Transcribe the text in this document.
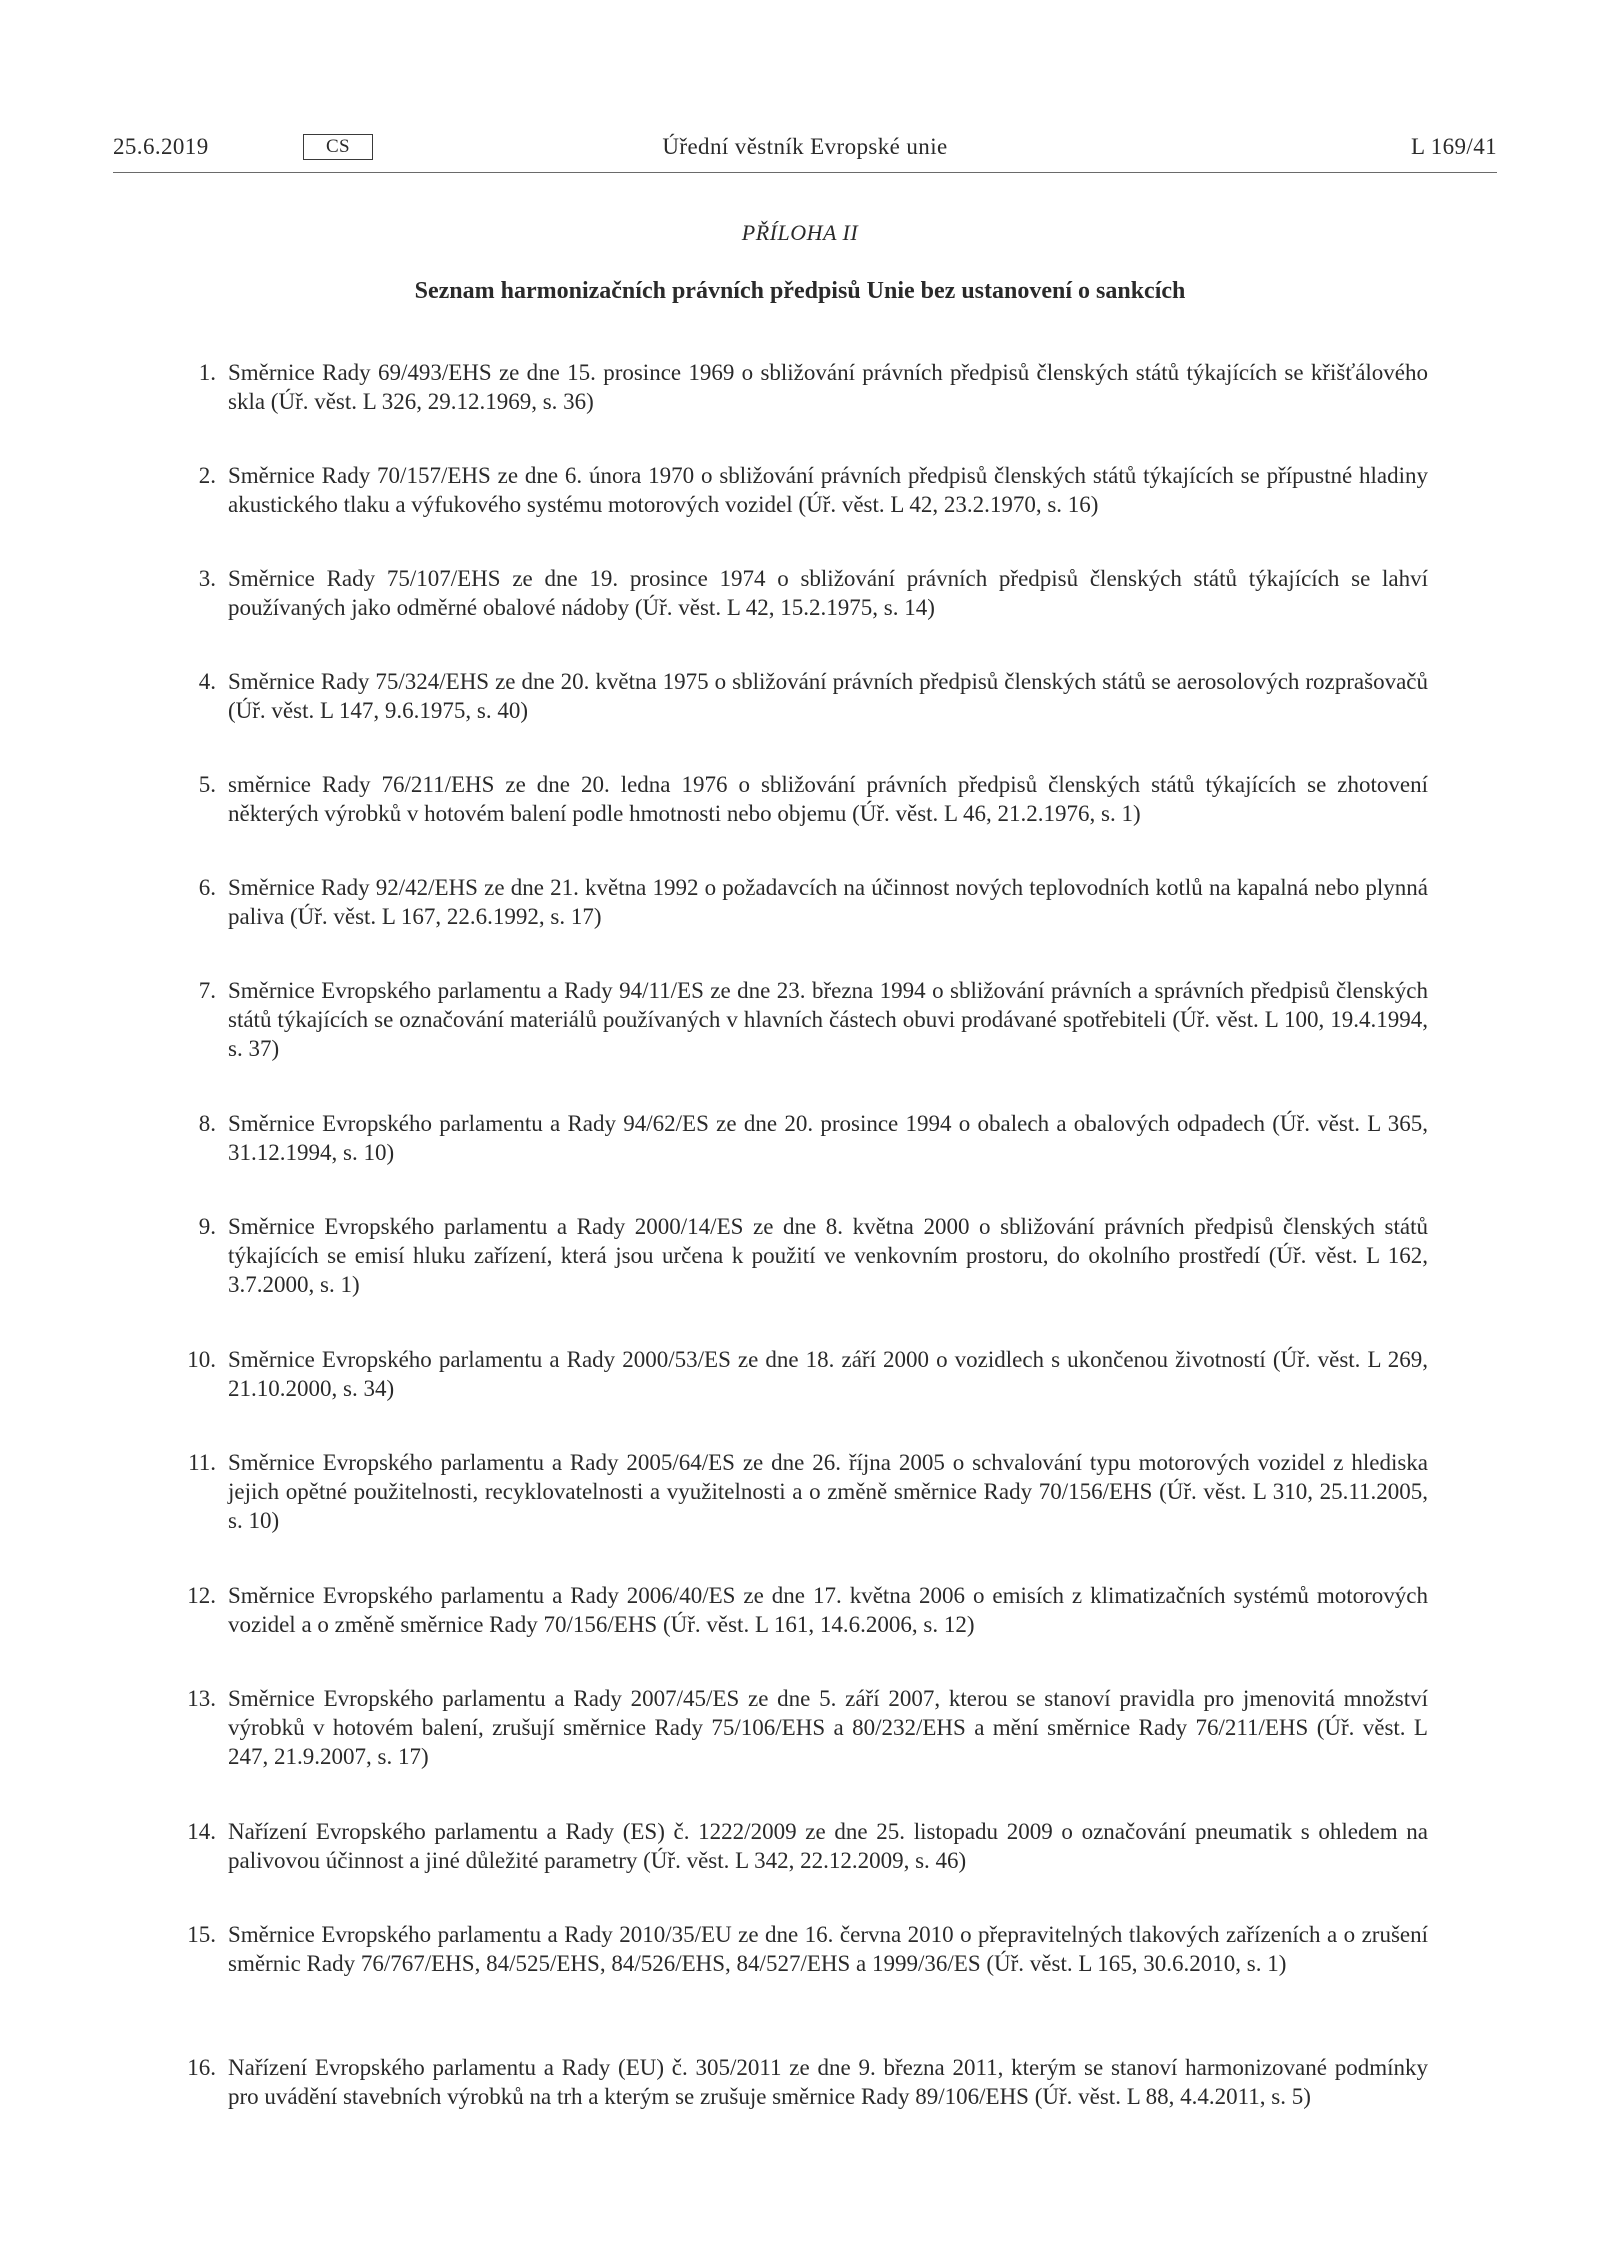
25.6.2019	CS	Úřední věstník Evropské unie	L 169/41
PŘÍLOHA II
Seznam harmonizačních právních předpisů Unie bez ustanovení o sankcích
1. Směrnice Rady 69/493/EHS ze dne 15. prosince 1969 o sbližování právních předpisů členských států týkajících se křišťálového skla (Úř. věst. L 326, 29.12.1969, s. 36)
2. Směrnice Rady 70/157/EHS ze dne 6. února 1970 o sbližování právních předpisů členských států týkajících se přípustné hladiny akustického tlaku a výfukového systému motorových vozidel (Úř. věst. L 42, 23.2.1970, s. 16)
3. Směrnice Rady 75/107/EHS ze dne 19. prosince 1974 o sbližování právních předpisů členských států týkajících se lahví používaných jako odměrné obalové nádoby (Úř. věst. L 42, 15.2.1975, s. 14)
4. Směrnice Rady 75/324/EHS ze dne 20. května 1975 o sbližování právních předpisů členských států se aerosolových rozprašovačů (Úř. věst. L 147, 9.6.1975, s. 40)
5. směrnice Rady 76/211/EHS ze dne 20. ledna 1976 o sbližování právních předpisů členských států týkajících se zhotovení některých výrobků v hotovém balení podle hmotnosti nebo objemu (Úř. věst. L 46, 21.2.1976, s. 1)
6. Směrnice Rady 92/42/EHS ze dne 21. května 1992 o požadavcích na účinnost nových teplovodních kotlů na kapalná nebo plynná paliva (Úř. věst. L 167, 22.6.1992, s. 17)
7. Směrnice Evropského parlamentu a Rady 94/11/ES ze dne 23. března 1994 o sbližování právních a správních předpisů členských států týkajících se označování materiálů používaných v hlavních částech obuvi prodávané spotřebiteli (Úř. věst. L 100, 19.4.1994, s. 37)
8. Směrnice Evropského parlamentu a Rady 94/62/ES ze dne 20. prosince 1994 o obalech a obalových odpadech (Úř. věst. L 365, 31.12.1994, s. 10)
9. Směrnice Evropského parlamentu a Rady 2000/14/ES ze dne 8. května 2000 o sbližování právních předpisů členských států týkajících se emisí hluku zařízení, která jsou určena k použití ve venkovním prostoru, do okolního prostředí (Úř. věst. L 162, 3.7.2000, s. 1)
10. Směrnice Evropského parlamentu a Rady 2000/53/ES ze dne 18. září 2000 o vozidlech s ukončenou životností (Úř. věst. L 269, 21.10.2000, s. 34)
11. Směrnice Evropského parlamentu a Rady 2005/64/ES ze dne 26. října 2005 o schvalování typu motorových vozidel z hlediska jejich opětné použitelnosti, recyklovatelnosti a využitelnosti a o změně směrnice Rady 70/156/EHS (Úř. věst. L 310, 25.11.2005, s. 10)
12. Směrnice Evropského parlamentu a Rady 2006/40/ES ze dne 17. května 2006 o emisích z klimatizačních systémů motorových vozidel a o změně směrnice Rady 70/156/EHS (Úř. věst. L 161, 14.6.2006, s. 12)
13. Směrnice Evropského parlamentu a Rady 2007/45/ES ze dne 5. září 2007, kterou se stanoví pravidla pro jmenovitá množství výrobků v hotovém balení, zrušují směrnice Rady 75/106/EHS a 80/232/EHS a mění směrnice Rady 76/211/EHS (Úř. věst. L 247, 21.9.2007, s. 17)
14. Nařízení Evropského parlamentu a Rady (ES) č. 1222/2009 ze dne 25. listopadu 2009 o označování pneumatik s ohledem na palivovou účinnost a jiné důležité parametry (Úř. věst. L 342, 22.12.2009, s. 46)
15. Směrnice Evropského parlamentu a Rady 2010/35/EU ze dne 16. června 2010 o přepravitelných tlakových zařízeních a o zrušení směrnic Rady 76/767/EHS, 84/525/EHS, 84/526/EHS, 84/527/EHS a 1999/36/ES (Úř. věst. L 165, 30.6.2010, s. 1)
16. Nařízení Evropského parlamentu a Rady (EU) č. 305/2011 ze dne 9. března 2011, kterým se stanoví harmonizované podmínky pro uvádění stavebních výrobků na trh a kterým se zrušuje směrnice Rady 89/106/EHS (Úř. věst. L 88, 4.4.2011, s. 5)
